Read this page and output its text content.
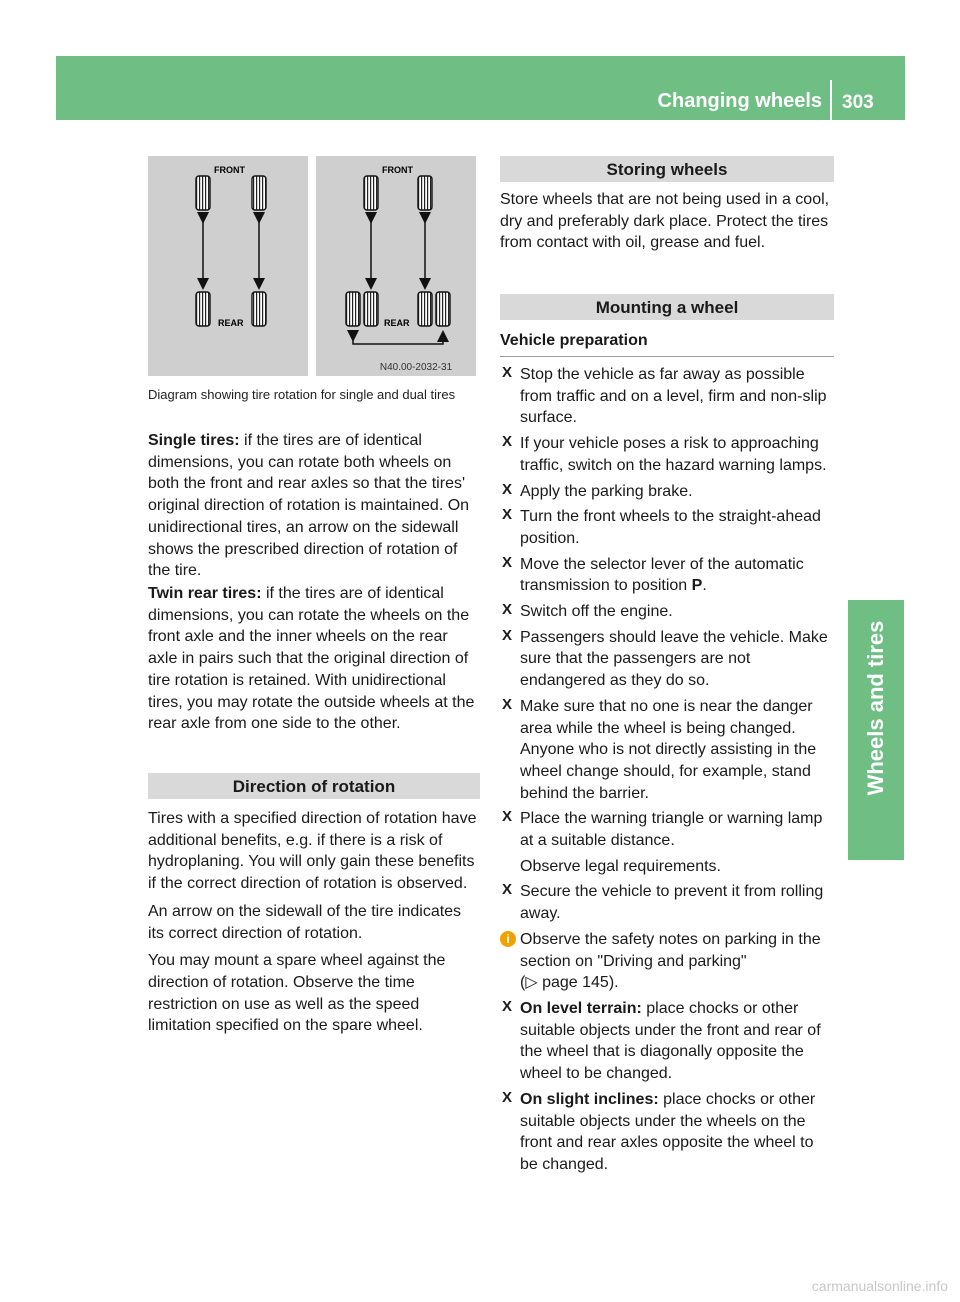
Changing wheels 303
Wheels and tires
FRONT
REAR
FRONT
REAR
N40.00-2032-31
Diagram showing tire rotation for single and dual tires

Single tires: if the tires are of identical dimensions, you can rotate both wheels on both the front and rear axles so that the tires' original direction of rotation is maintained. On unidirectional tires, an arrow on the sidewall shows the prescribed direction of rotation of the tire.

Twin rear tires: if the tires are of identical dimensions, you can rotate the wheels on the front axle and the inner wheels on the rear axle in pairs such that the original direction of tire rotation is retained. With unidirectional tires, you may rotate the outside wheels at the rear axle from one side to the other.

Direction of rotation

Tires with a specified direction of rotation have additional benefits, e.g. if there is a risk of hydroplaning. You will only gain these benefits if the correct direction of rotation is observed.

An arrow on the sidewall of the tire indicates its correct direction of rotation.

You may mount a spare wheel against the direction of rotation. Observe the time restriction on use as well as the speed limitation specified on the spare wheel.

Storing wheels

Store wheels that are not being used in a cool, dry and preferably dark place. Protect the tires from contact with oil, grease and fuel.

Mounting a wheel
Vehicle preparation
X Stop the vehicle as far away as possible from traffic and on a level, firm and non-slip surface.

X If your vehicle poses a risk to approaching traffic, switch on the hazard warning lamps.

X Apply the parking brake.

X Turn the front wheels to the straight-ahead position.

X Move the selector lever of the automatic transmission to position P.

X Switch off the engine.

X Passengers should leave the vehicle. Make sure that the passengers are not endangered as they do so.

X Make sure that no one is near the danger area while the wheel is being changed. Anyone who is not directly assisting in the wheel change should, for example, stand behind the barrier.

X Place the warning triangle or warning lamp at a suitable distance.

Observe legal requirements.

X Secure the vehicle to prevent it from rolling away.

i Observe the safety notes on parking in the section on "Driving and parking"

(▷ page 145).

X On level terrain: place chocks or other suitable objects under the front and rear of the wheel that is diagonally opposite the wheel to be changed.

X On slight inclines: place chocks or other suitable objects under the wheels on the front and rear axles opposite the wheel to be changed.

carmanualsonline.info
